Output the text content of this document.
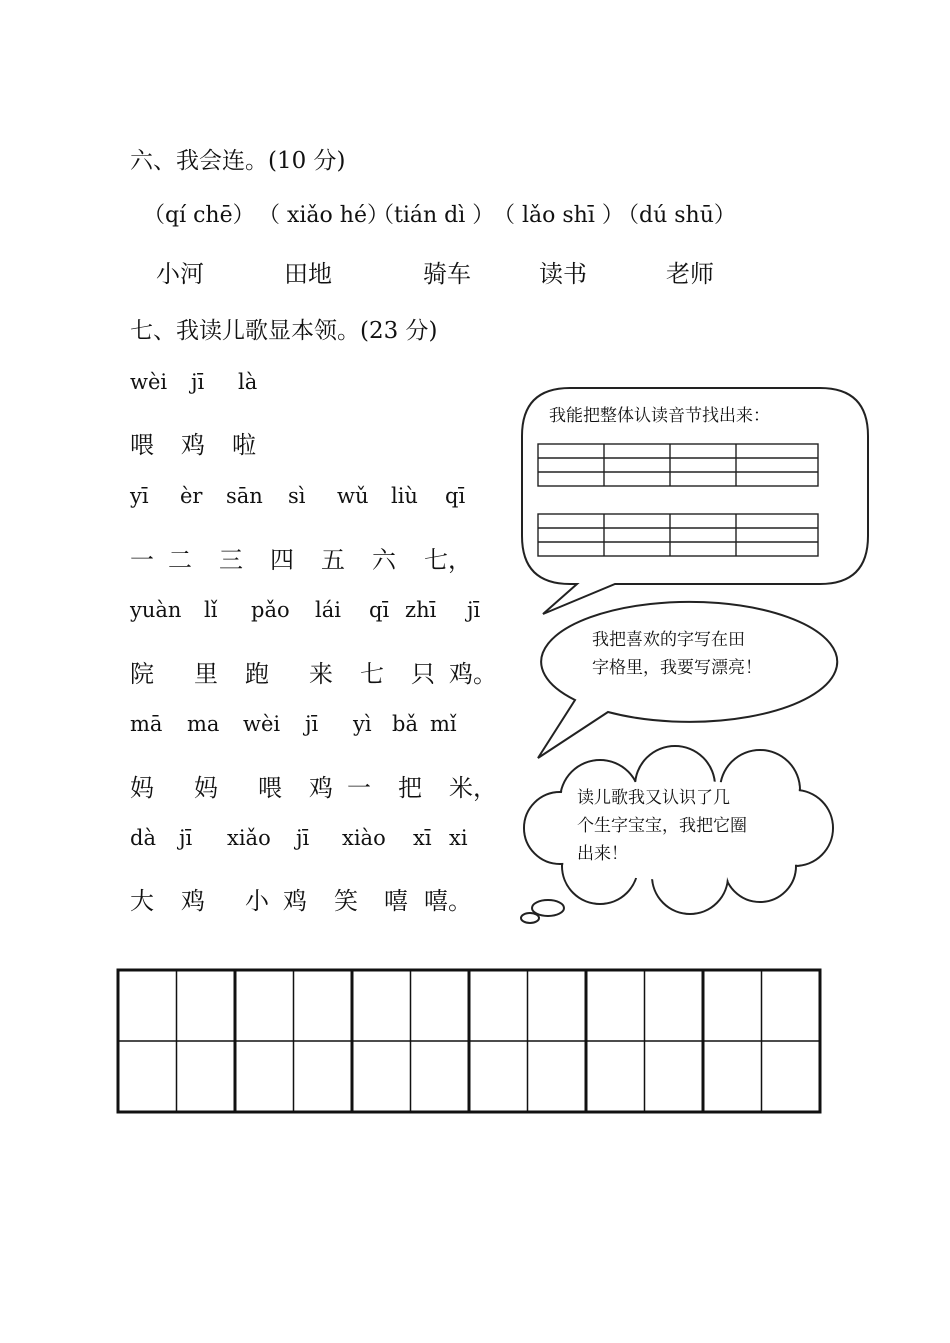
六、我会连。(10 分)
（qí chē） （ xiǎo hé）
（tián dì ）
（ lǎo shī ）
（dú shū）
小河	田地	骑车	读书	老师
七、我读儿歌显本领。(23 分)
wèi jī là
喂 鸡 啦
yī èr sān sì wǔ liù qī
一 二 三 四 五 六 七，
yuàn lǐ pǎo lái qī zhī jī
院 里 跑 来 七 只 鸡。
mā ma wèi jī yì bǎ mǐ
妈 妈 喂 鸡 一 把 米，
dà jī xiǎo jī xiào xī xi
大 鸡 小 鸡 笑 嘻 嘻。
我能把整体认读音节找出来：
我把喜欢的字写在田
字格里，我要写漂亮！
读儿歌我又认识了几
个生字宝宝，我把它圈
出来！
